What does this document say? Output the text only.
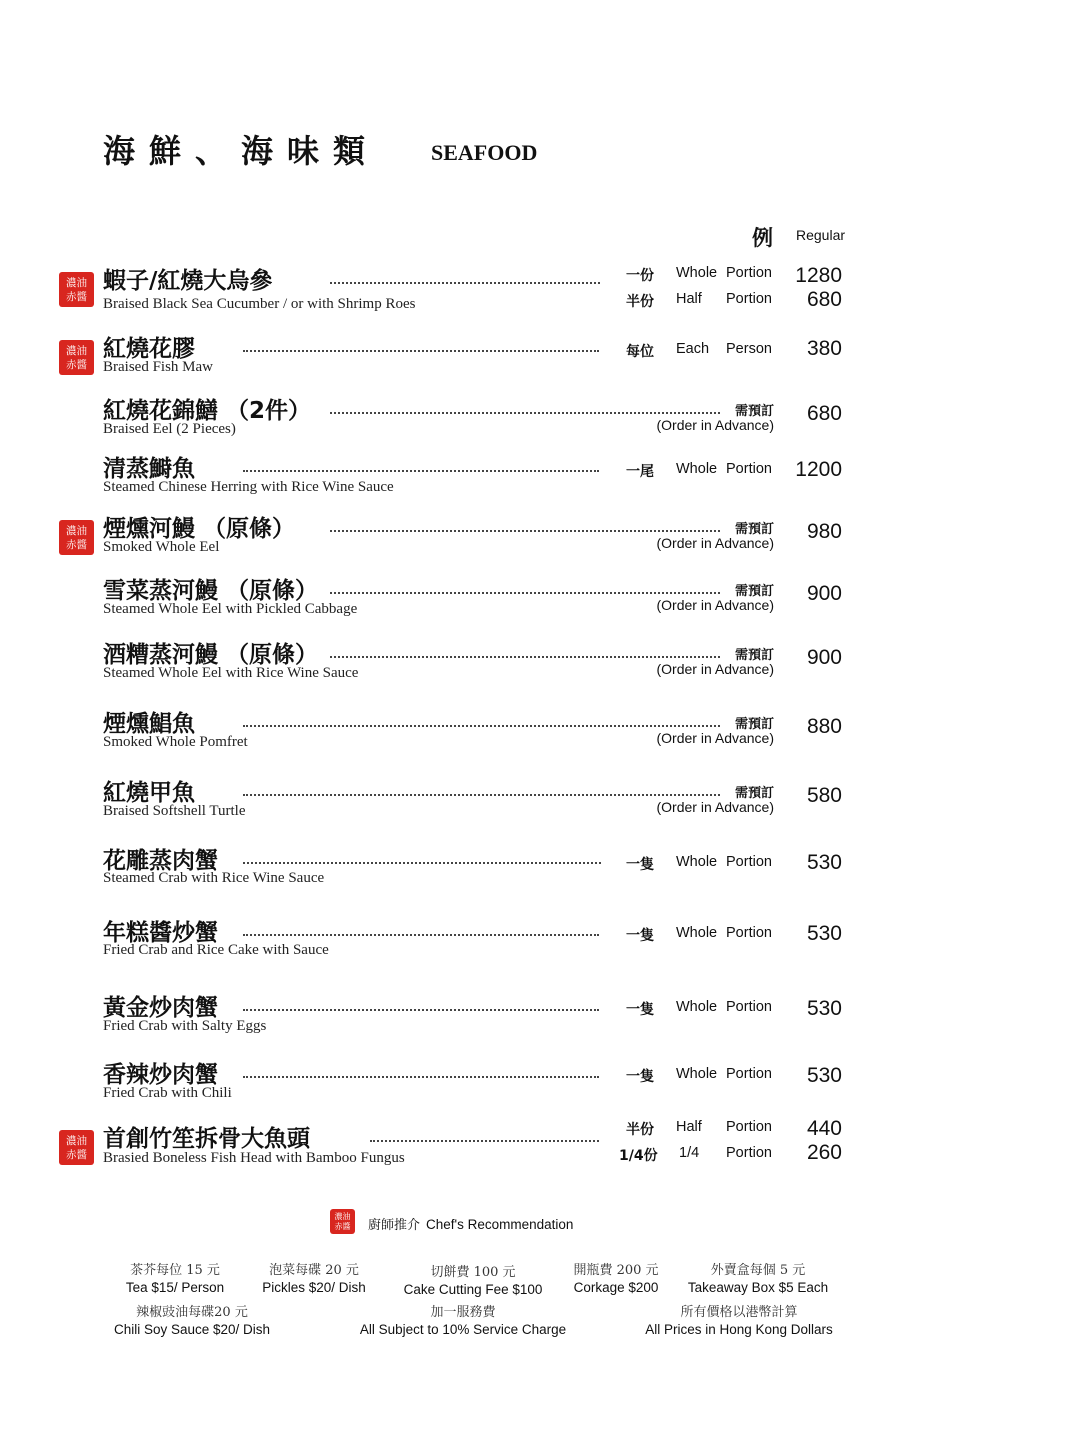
海鮮、海味類 SEAFOOD
例 Regular
濃油
赤醬
蝦子/紅燒大烏參
Braised Black Sea Cucumber / or with Shrimp Roes
一份 Whole Portion 1280
半份 Half Portion 680
濃油
赤醬
紅燒花膠
Braised Fish Maw
每位 Each Person 380
紅燒花錦鱔 （2件）
Braised Eel (2 Pieces)
需預訂
(Order in Advance) 680
清蒸鰣魚
Steamed Chinese Herring with Rice Wine Sauce
一尾 Whole Portion 1200
濃油
赤醬
煙燻河鰻 （原條）
Smoked Whole Eel
需預訂
(Order in Advance) 980
雪菜蒸河鰻 （原條）
Steamed Whole Eel with Pickled Cabbage
需預訂
(Order in Advance) 900
酒糟蒸河鰻 （原條）
Steamed Whole Eel with Rice Wine Sauce
需預訂
(Order in Advance) 900
煙燻鯧魚
Smoked Whole Pomfret
需預訂
(Order in Advance) 880
紅燒甲魚
Braised Softshell Turtle
需預訂
(Order in Advance) 580
花雕蒸肉蟹
Steamed Crab with Rice Wine Sauce
一隻 Whole Portion 530
年糕醬炒蟹
Fried Crab and Rice Cake with Sauce
一隻 Whole Portion 530
黃金炒肉蟹
Fried Crab with Salty Eggs
一隻 Whole Portion 530
香辣炒肉蟹
Fried Crab with Chili
一隻 Whole Portion 530
濃油
赤醬
首創竹笙拆骨大魚頭
Brasied Boneless Fish Head with Bamboo Fungus
半份 Half Portion 440
1/4份 1/4 Portion 260
濃油
赤醬 廚師推介 Chef's Recommendation
茶芥每位 15 元
Tea $15/ Person
泡菜每碟 20 元
Pickles $20/ Dish
切餅費 100 元
Cake Cutting Fee $100
開瓶費 200 元
Corkage $200
外賣盒每個 5 元
Takeaway Box $5 Each
辣椒豉油每碟20 元
Chili Soy Sauce $20/ Dish
加一服務費
All Subject to 10% Service Charge
所有價格以港幣計算
All Prices in Hong Kong Dollars
